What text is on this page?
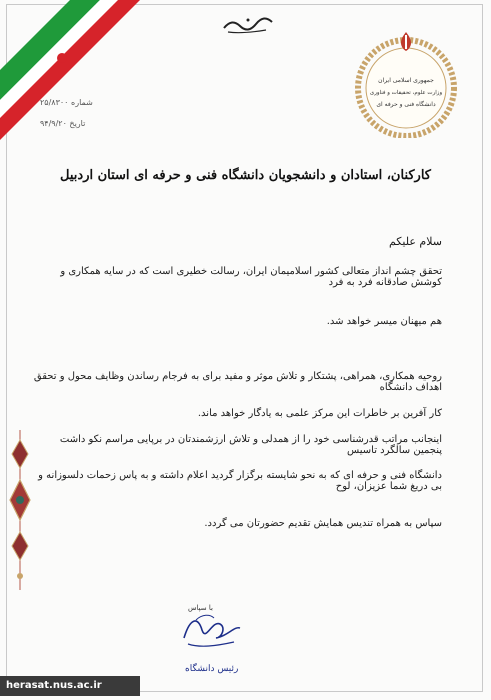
جمهوری اسلامی ایران
وزارت علوم، تحقیقات و فناوری
دانشگاه فنی و حرفه ای
شماره ۲۵/۸۳۰۰
تاریخ ۹۴/۹/۲۰
کارکنان، استادان و دانشجویان دانشگاه فنی و حرفه ای استان اردبیل
سلام علیکم
تحقق چشم انداز متعالی کشور اسلامیمان ایران، رسالت خطیری است که در سایه همکاری و کوشش صادقانه فرد به فرد
هم میهنان میسر خواهد شد.
روحیه همکاری، همراهی، پشتکار و تلاش موثر و مفید برای به فرجام رساندن وظایف محول و تحقق اهداف دانشگاه
کار آفرین بر خاطرات این مرکز علمی به یادگار خواهد ماند.
اینجانب مراتب قدرشناسی خود را از همدلی و تلاش ارزشمندتان در برپایی مراسم نکو داشت پنجمین سالگرد تاسیس
دانشگاه فنی و حرفه ای که به نحو شایسته برگزار گردید اعلام داشته و به پاس زحمات دلسوزانه و بی دریغ شما عزیزان، لوح
سپاس به همراه تندیس همایش تقدیم حضورتان می گردد.
با سپاس
رئیس دانشگاه
herasat.nus.ac.ir
